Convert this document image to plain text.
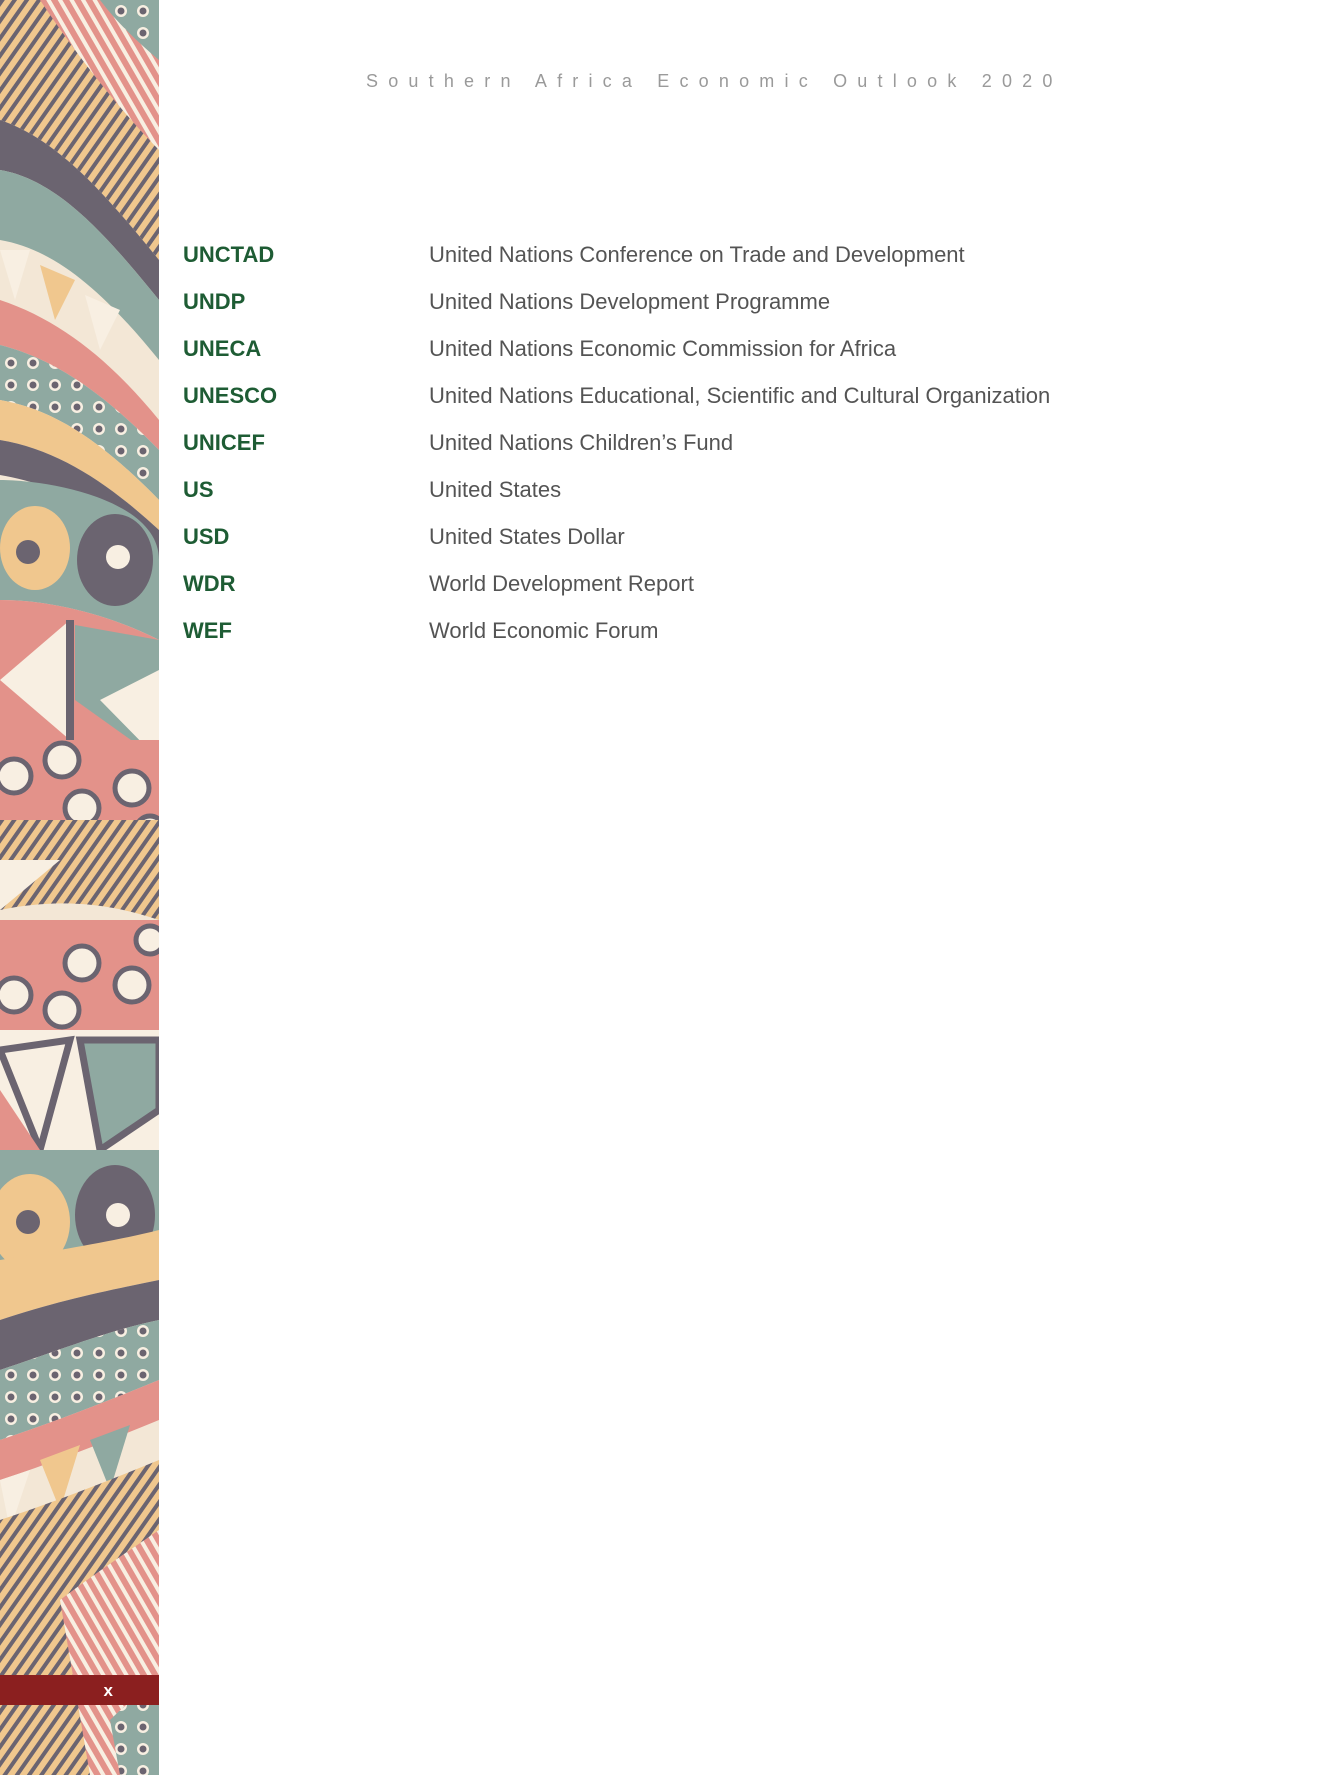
x
Southern Africa Economic Outlook 2020
UNCTAD	United Nations Conference on Trade and Development
UNDP	United Nations Development Programme
UNECA	United Nations Economic Commission for Africa
UNESCO	United Nations Educational, Scientific and Cultural Organization
UNICEF	United Nations Children’s Fund
US	United States
USD	United States Dollar
WDR	World Development Report
WEF	World Economic Forum
